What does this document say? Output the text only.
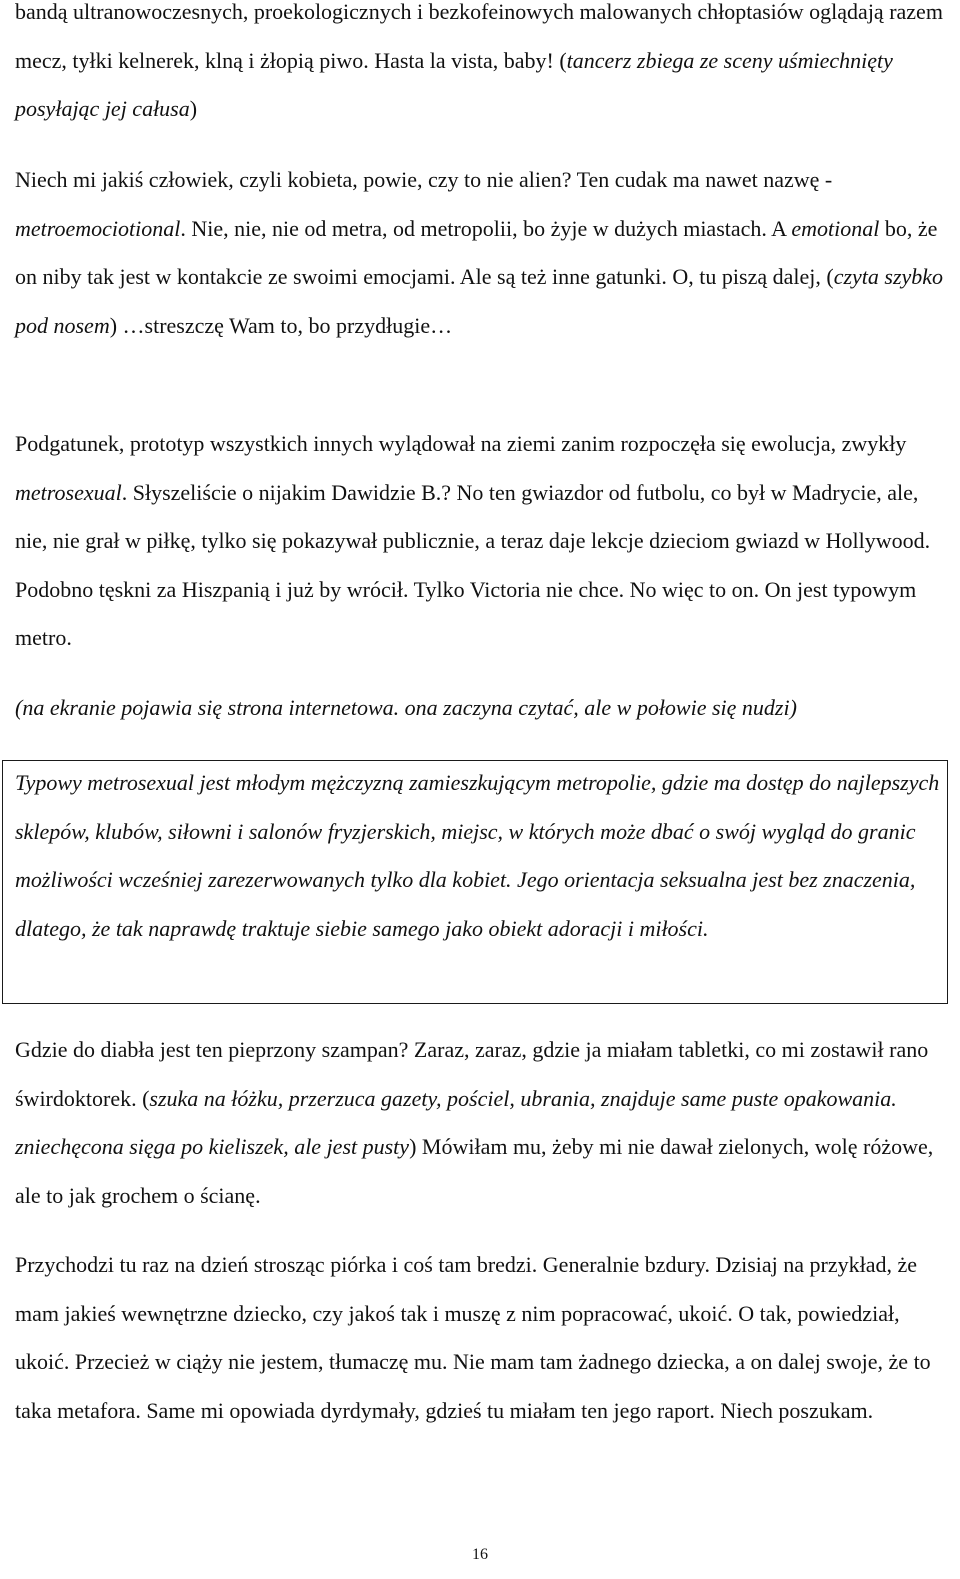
bandą ultranowoczesnych, proekologicznych i bezkofeinowych malowanych chłoptasiów oglądają razem mecz, tyłki kelnerek, klną i żłopią piwo. Hasta la vista, baby! (tancerz zbiega ze sceny uśmiechnięty posyłając jej całusa)

Niech mi jakiś człowiek, czyli kobieta, powie, czy to nie alien? Ten cudak ma nawet nazwę - metroemociotional. Nie, nie, nie od metra, od metropolii, bo żyje w dużych miastach. A emotional bo, że on niby tak jest w kontakcie ze swoimi emocjami. Ale są też inne gatunki. O, tu piszą dalej, (czyta szybko pod nosem) …streszczę Wam to, bo przydługie…

Podgatunek, prototyp wszystkich innych wylądował na ziemi zanim rozpoczęła się ewolucja, zwykły metrosexual. Słyszeliście o nijakim Dawidzie B.? No ten gwiazdor od futbolu, co był w Madrycie, ale, nie, nie grał w piłkę, tylko się pokazywał publicznie, a teraz daje lekcje dzieciom gwiazd w Hollywood. Podobno tęskni za Hiszpanią i już by wrócił. Tylko Victoria nie chce. No więc to on. On jest typowym metro.

(na ekranie pojawia się strona internetowa. ona zaczyna czytać, ale w połowie się nudzi)

Typowy metrosexual jest młodym mężczyzną zamieszkującym metropolie, gdzie ma dostęp do najlepszych sklepów, klubów, siłowni i salonów fryzjerskich, miejsc, w których może dbać o swój wygląd do granic możliwości wcześniej zarezerwowanych tylko dla kobiet. Jego orientacja seksualna jest bez znaczenia, dlatego, że tak naprawdę traktuje siebie samego jako obiekt adoracji i miłości.

Gdzie do diabła jest ten pieprzony szampan? Zaraz, zaraz, gdzie ja miałam tabletki, co mi zostawił rano świrdoktorek. (szuka na łóżku, przerzuca gazety, pościel, ubrania, znajduje same puste opakowania. zniechęcona sięga po kieliszek, ale jest pusty) Mówiłam mu, żeby mi nie dawał zielonych, wolę różowe, ale to jak grochem o ścianę.

Przychodzi tu raz na dzień strosząc piórka i coś tam bredzi. Generalnie bzdury. Dzisiaj na przykład, że mam jakieś wewnętrzne dziecko, czy jakoś tak i muszę z nim popracować, ukoić. O tak, powiedział, ukoić. Przecież w ciąży nie jestem, tłumaczę mu. Nie mam tam żadnego dziecka, a on dalej swoje, że to taka metafora. Same mi opowiada dyrdymały, gdzieś tu miałam ten jego raport. Niech poszukam.

16
